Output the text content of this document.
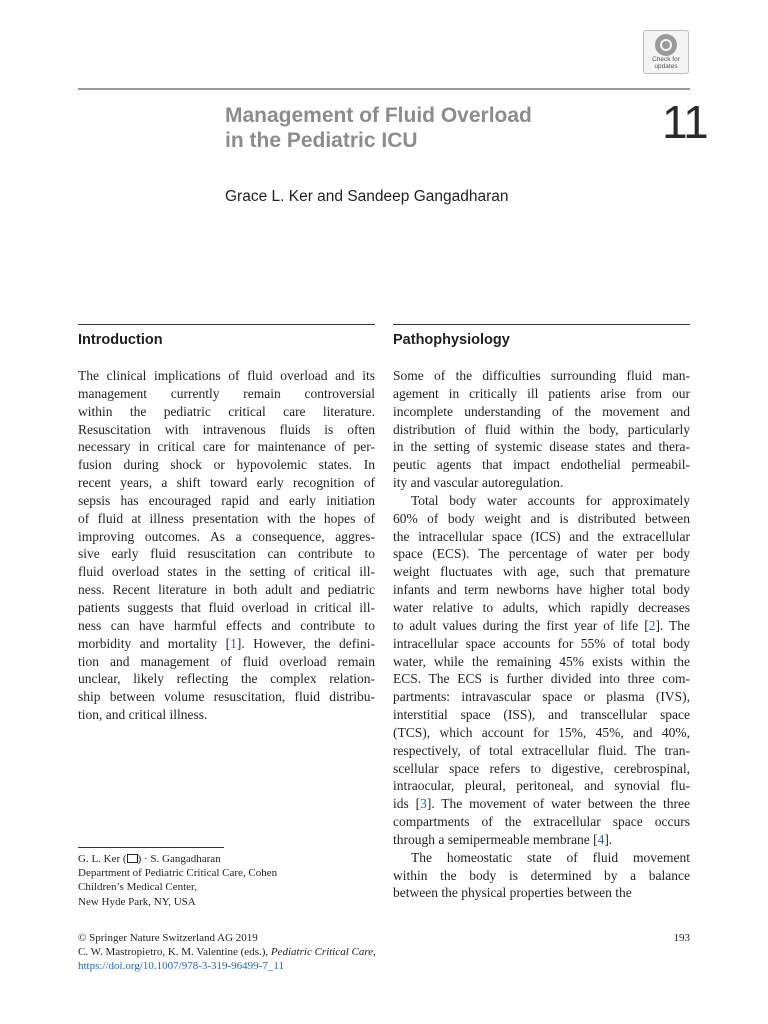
Check for
updates
Management of Fluid Overload
in the Pediatric ICU	11
Grace L. Ker and Sandeep Gangadharan
Introduction	Pathophysiology
The clinical implications of fluid overload and its
management currently remain controversial
within the pediatric critical care literature.
Resuscitation with intravenous fluids is often
necessary in critical care for maintenance of per-
fusion during shock or hypovolemic states. In
recent years, a shift toward early recognition of
sepsis has encouraged rapid and early initiation
of fluid at illness presentation with the hopes of
improving outcomes. As a consequence, aggres-
sive early fluid resuscitation can contribute to
fluid overload states in the setting of critical ill-
ness. Recent literature in both adult and pediatric
patients suggests that fluid overload in critical ill-
ness can have harmful effects and contribute to
morbidity and mortality [1]. However, the defini-
tion and management of fluid overload remain
unclear, likely reflecting the complex relation-
ship between volume resuscitation, fluid distribu-
tion, and critical illness.
Some of the difficulties surrounding fluid man-
agement in critically ill patients arise from our
incomplete understanding of the movement and
distribution of fluid within the body, particularly
in the setting of systemic disease states and thera-
peutic agents that impact endothelial permeabil-
ity and vascular autoregulation.
Total body water accounts for approximately
60% of body weight and is distributed between
the intracellular space (ICS) and the extracellular
space (ECS). The percentage of water per body
weight fluctuates with age, such that premature
infants and term newborns have higher total body
water relative to adults, which rapidly decreases
to adult values during the first year of life [2]. The
intracellular space accounts for 55% of total body
water, while the remaining 45% exists within the
ECS. The ECS is further divided into three com-
partments: intravascular space or plasma (IVS),
interstitial space (ISS), and transcellular space
(TCS), which account for 15%, 45%, and 40%,
respectively, of total extracellular fluid. The tran-
scellular space refers to digestive, cerebrospinal,
intraocular, pleural, peritoneal, and synovial flu-
ids [3]. The movement of water between the three
compartments of the extracellular space occurs
through a semipermeable membrane [4].
The homeostatic state of fluid movement
within the body is determined by a balance
between the physical properties between the
G. L. Ker ( ) · S. Gangadharan
Department of Pediatric Critical Care, Cohen
Children’s Medical Center,
New Hyde Park, NY, USA
© Springer Nature Switzerland AG 2019
C. W. Mastropietro, K. M. Valentine (eds.), Pediatric Critical Care,
https://doi.org/10.1007/978-3-319-96499-7_11
193
